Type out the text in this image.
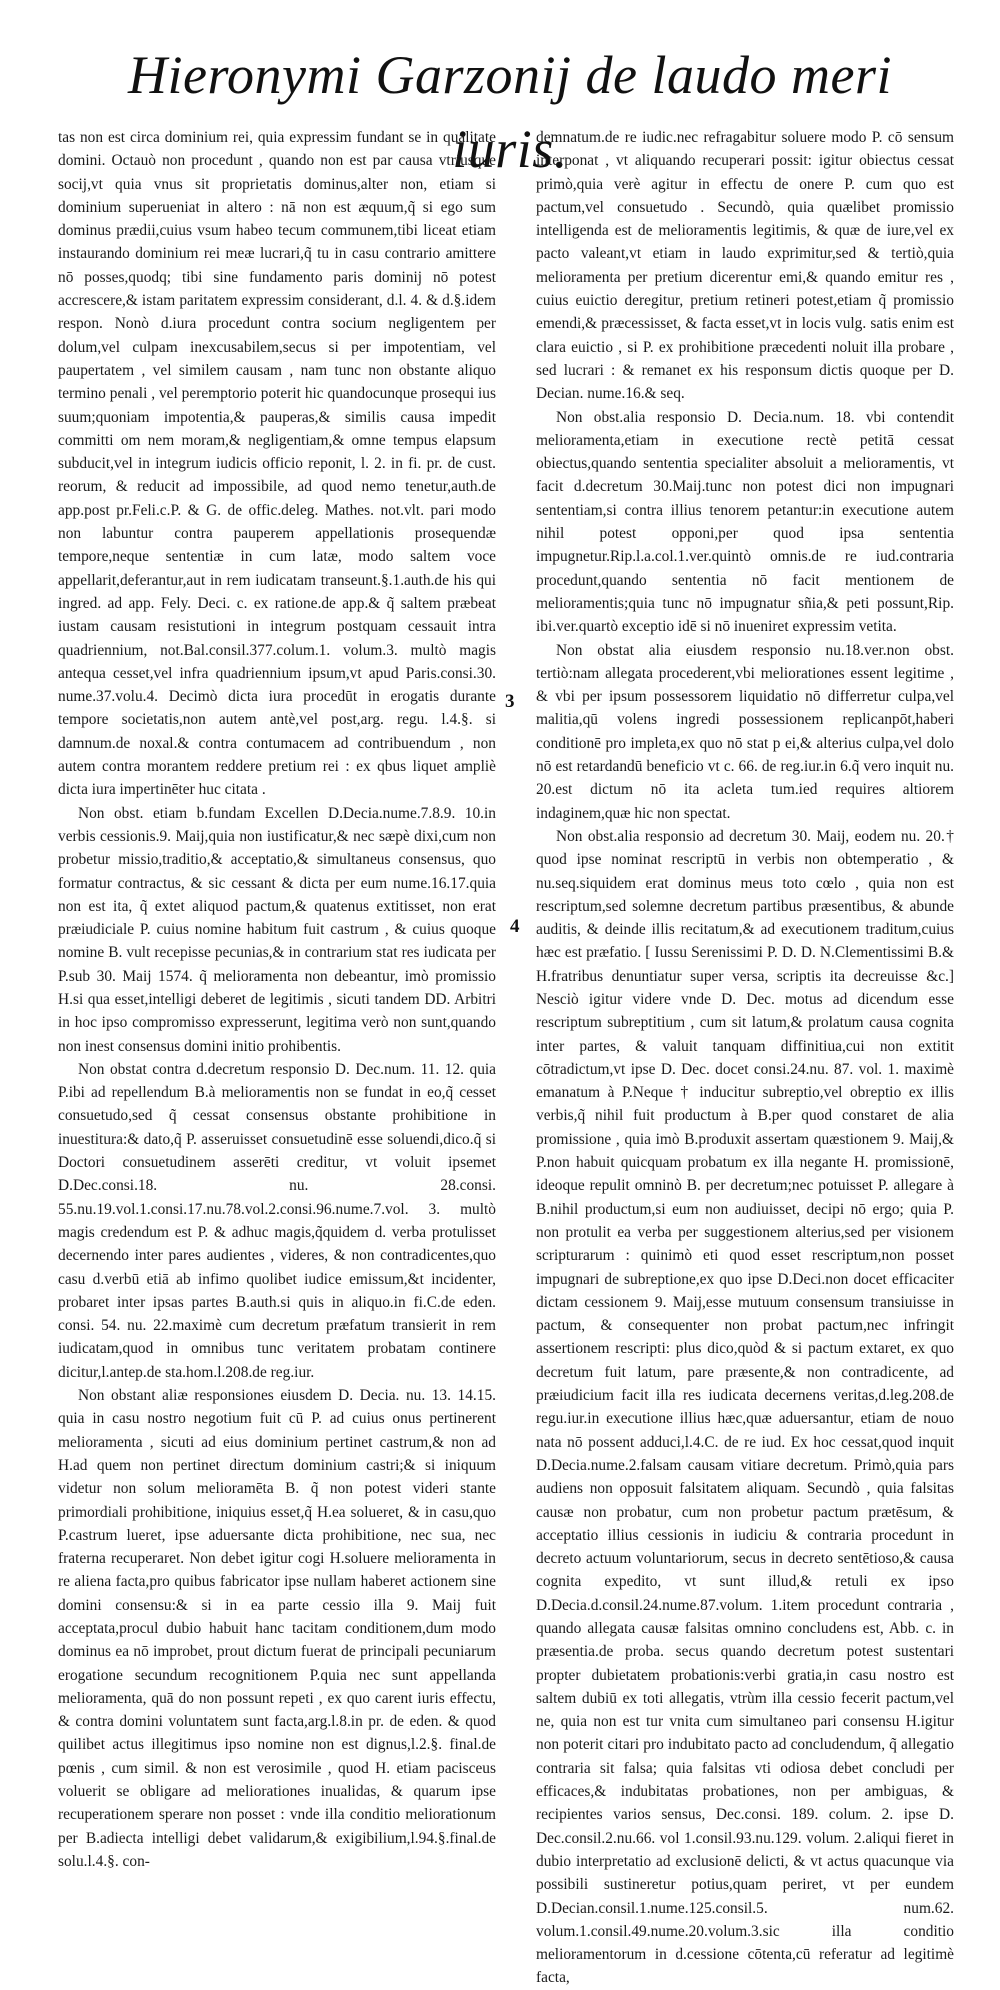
Hieronymi Garzonij de laudo meri iuris.

tas non est circa dominium rei, quia expressim fundant se in qualitate domini. Octauò non procedunt , quando non est par causa vtriusque socij,vt quia vnus sit proprietatis dominus,alter non, etiam si dominium superueniat in altero : nā non est æquum,q̃ si ego sum dominus prædii,cuius vsum habeo tecum communem,tibi liceat etiam instaurando dominium rei meæ lucrari,q̃ tu in casu contrario amittere nō posses,quodq; tibi sine fundamento paris dominij nō potest accrescere,& istam paritatem expressim considerant, d.l. 4. & d.§.idem respon. Nonò d.iura procedunt contra socium negligentem per dolum,vel culpam inexcusabilem,secus si per impotentiam, vel paupertatem , vel similem causam , nam tunc non obstante aliquo termino penali , vel peremptorio poterit hic quandocunque prosequi ius suum;quoniam impotentia,& pauperas,& similis causa impedit committi om nem moram,& negligentiam,& omne tempus elapsum subducit,vel in integrum iudicis officio reponit, l. 2. in fi. pr. de cust. reorum, & reducit ad impossibile, ad quod nemo tenetur,auth.de app.post pr.Feli.c.P. & G. de offic.deleg. Mathes. not.vlt. pari modo non labuntur contra pauperem appellationis prosequendæ tempore,neque sententiæ in cum latæ, modo saltem voce appellarit,deferantur,aut in rem iudicatam transeunt.§.1.auth.de his qui ingred. ad app. Fely. Deci. c. ex ratione.de app.& q̃ saltem præbeat iustam causam resistutioni in integrum postquam cessauit intra quadriennium, not.Bal.consil.377.colum.1. volum.3. multò magis antequa cesset,vel infra quadriennium ipsum,vt apud Paris.consi.30. nume.37.volu.4. Decimò dicta iura procedūt in erogatis durante tempore societatis,non autem antè,vel post,arg. regu. l.4.§. si damnum.de noxal.& contra contumacem ad contribuendum , non autem contra morantem reddere pretium rei : ex qbus liquet ampliè dicta iura impertinēter huc citata .

Non obst. etiam b.fundam Excellen D.Decia.nume.7.8.9. 10.in verbis cessionis.9. Maij,quia non iustificatur,& nec sæpè dixi,cum non probetur missio,traditio,& acceptatio,& simultaneus consensus, quo formatur contractus, & sic cessant & dicta per eum nume.16.17.quia non est ita, q̃ extet aliquod pactum,& quatenus extitisset, non erat præiudiciale P. cuius nomine habitum fuit castrum , & cuius quoque nomine B. vult recepisse pecunias,& in contrarium stat res iudicata per P.sub 30. Maij 1574. q̃ melioramenta non debeantur, imò promissio H.si qua esset,intelligi deberet de legitimis , sicuti tandem DD. Arbitri in hoc ipso compromisso expresserunt, legitima verò non sunt,quando non inest consensus domini initio prohibentis.

Non obstat contra d.decretum responsio D. Dec.num. 11. 12. quia P.ibi ad repellendum B.à melioramentis non se fundat in eo,q̃ cesset consuetudo,sed q̃ cessat consensus obstante prohibitione in inuestitura:& dato,q̃ P. asseruisset consuetudinē esse soluendi,dico.q̃ si Doctori consuetudinem asserēti creditur, vt voluit ipsemet D.Dec.consi.18. nu. 28.consi. 55.nu.19.vol.1.consi.17.nu.78.vol.2.consi.96.nume.7.vol. 3. multò magis credendum est P. & adhuc magis,q̃quidem d. verba protulisset decernendo inter pares audientes , videres, & non contradicentes,quo casu d.verbū etiā ab infimo quolibet iudice emissum,&t incidenter, probaret inter ipsas partes B.auth.si quis in aliquo.in fi.C.de eden. consi. 54. nu. 22.maximè cum decretum præfatum transierit in rem iudicatam,quod in omnibus tunc veritatem probatam continere dicitur,l.antep.de sta.hom.l.208.de reg.iur.

Non obstant aliæ responsiones eiusdem D. Decia. nu. 13. 14.15. quia in casu nostro negotium fuit cū P. ad cuius onus pertinerent melioramenta , sicuti ad eius dominium pertinet castrum,& non ad H.ad quem non pertinet directum dominium castri;& si iniquum videtur non solum melioramēta B. q̃ non potest videri stante primordiali prohibitione, iniquius esset,q̃ H.ea solueret, & in casu,quo P.castrum lueret, ipse aduersante dicta prohibitione, nec sua, nec fraterna recuperaret. Non debet igitur cogi H.soluere melioramenta in re aliena facta,pro quibus fabricator ipse nullam haberet actionem sine domini consensu:& si in ea parte cessio illa 9. Maij fuit acceptata,procul dubio habuit hanc tacitam conditionem,dum modo dominus ea nō improbet, prout dictum fuerat de principali pecuniarum erogatione secundum recognitionem P.quia nec sunt appellanda melioramenta, quā do non possunt repeti , ex quo carent iuris effectu, & contra domini voluntatem sunt facta,arg.l.8.in pr. de eden. & quod quilibet actus illegitimus ipso nomine non est dignus,l.2.§. final.de pœnis , cum simil. & non est verosimile , quod H. etiam pacisceus voluerit se obligare ad meliorationes inualidas, & quarum ipse recuperationem sperare non posset : vnde illa conditio meliorationum per B.adiecta intelligi debet validarum,& exigibilium,l.94.§.final.de solu.l.4.§. con-

3
4

demnatum.de re iudic.nec refragabitur soluere modo P. cō sensum interponat , vt aliquando recuperari possit: igitur obiectus cessat primò,quia verè agitur in effectu de onere P. cum quo est pactum,vel consuetudo . Secundò, quia quælibet promissio intelligenda est de melioramentis legitimis, & quæ de iure,vel ex pacto valeant,vt etiam in laudo exprimitur,sed & tertiò,quia melioramenta per pretium dicerentur emi,& quando emitur res , cuius euictio deregitur, pretium retineri potest,etiam q̃ promissio emendi,& præcessisset, & facta esset,vt in locis vulg. satis enim est clara euictio , si P. ex prohibitione præcedenti noluit illa probare , sed lucrari : & remanet ex his responsum dictis quoque per D. Decian. nume.16.& seq.

Non obst.alia responsio D. Decia.num. 18. vbi contendit melioramenta,etiam in executione rectè petitā cessat obiectus,quando sententia specialiter absoluit a melioramentis, vt facit d.decretum 30.Maij.tunc non potest dici non impugnari sententiam,si contra illius tenorem petantur:in executione autem nihil potest opponi,per quod ipsa sententia impugnetur.Rip.l.a.col.1.ver.quintò omnis.de re iud.contraria procedunt,quando sententia nō facit mentionem de melioramentis;quia tunc nō impugnatur sñia,& peti possunt,Rip. ibi.ver.quartò exceptio idē si nō inueniret expressim vetita.

Non obstat alia eiusdem responsio nu.18.ver.non obst. tertiò:nam allegata procederent,vbi meliorationes essent legitime , & vbi per ipsum possessorem liquidatio nō differretur culpa,vel malitia,qū volens ingredi possessionem replicanpōt,haberi conditionē pro impleta,ex quo nō stat p ei,& alterius culpa,vel dolo nō est retardandū beneficio vt c. 66. de reg.iur.in 6.q̃ vero inquit nu. 20.est dictum nō ita acleta tum.ied requires altiorem indaginem,quæ hic non spectat.

Non obst.alia responsio ad decretum 30. Maij, eodem nu. 20.† quod ipse nominat rescriptū in verbis non obtemperatio , & nu.seq.siquidem erat dominus meus toto cœlo , quia non est rescriptum,sed solemne decretum partibus præsentibus, & abunde auditis, & deinde illis recitatum,& ad executionem traditum,cuius hæc est præfatio. [ Iussu Serenissimi P. D. D. N.Clementissimi B.& H.fratribus denuntiatur super versa, scriptis ita decreuisse &c.] Nesciò igitur videre vnde D. Dec. motus ad dicendum esse rescriptum subreptitium , cum sit latum,& prolatum causa cognita inter partes, & valuit tanquam diffinitiua,cui non extitit cōtradictum,vt ipse D. Dec. docet consi.24.nu. 87. vol. 1. maximè emanatum à P.Neque † inducitur subreptio,vel obreptio ex illis verbis,q̃ nihil fuit productum à B.per quod constaret de alia promissione , quia imò B.produxit assertam quæstionem 9. Maij,& P.non habuit quicquam probatum ex illa negante H. promissionē, ideoque repulit omninò B. per decretum;nec potuisset P. allegare à B.nihil productum,si eum non audiuisset, decipi nō ergo; quia P. non protulit ea verba per suggestionem alterius,sed per visionem scripturarum : quinimò eti quod esset rescriptum,non posset impugnari de subreptione,ex quo ipse D.Deci.non docet efficaciter dictam cessionem 9. Maij,esse mutuum consensum transiuisse in pactum, & consequenter non probat pactum,nec infringit assertionem rescripti: plus dico,quòd & si pactum extaret, ex quo decretum fuit latum, pare præsente,& non contradicente, ad præiudicium facit illa res iudicata decernens veritas,d.leg.208.de regu.iur.in executione illius hæc,quæ aduersantur, etiam de nouo nata nō possent adduci,l.4.C. de re iud. Ex hoc cessat,quod inquit D.Decia.nume.2.falsam causam vitiare decretum. Primò,quia pars audiens non opposuit falsitatem aliquam. Secundò , quia falsitas causæ non probatur, cum non probetur pactum prætēsum, & acceptatio illius cessionis in iudiciu & contraria procedunt in decreto actuum voluntariorum, secus in decreto sentētioso,& causa cognita expedito, vt sunt illud,& retuli ex ipso D.Decia.d.consil.24.nume.87.volum. 1.item procedunt contraria , quando allegata causæ falsitas omnino concludens est, Abb. c. in præsentia.de proba. secus quando decretum potest sustentari propter dubietatem probationis:verbi gratia,in casu nostro est saltem dubiū ex toti allegatis, vtrùm illa cessio fecerit pactum,vel ne, quia non est tur vnita cum simultaneo pari consensu H.igitur non poterit citari pro indubitato pacto ad concludendum, q̃ allegatio contraria sit falsa; quia falsitas vti odiosa debet concludi per efficaces,& indubitatas probationes, non per ambiguas, & recipientes varios sensus, Dec.consi. 189. colum. 2. ipse D. Dec.consil.2.nu.66. vol 1.consil.93.nu.129. volum. 2.aliqui fieret in dubio interpretatio ad exclusionē delicti, & vt actus quacunque via possibili sustineretur potius,quam periret, vt per eundem D.Decian.consil.1.nume.125.consil.5. num.62. volum.1.consil.49.nume.20.volum.3.sic illa conditio melioramentorum in d.cessione cōtenta,cū referatur ad legitimè facta,
